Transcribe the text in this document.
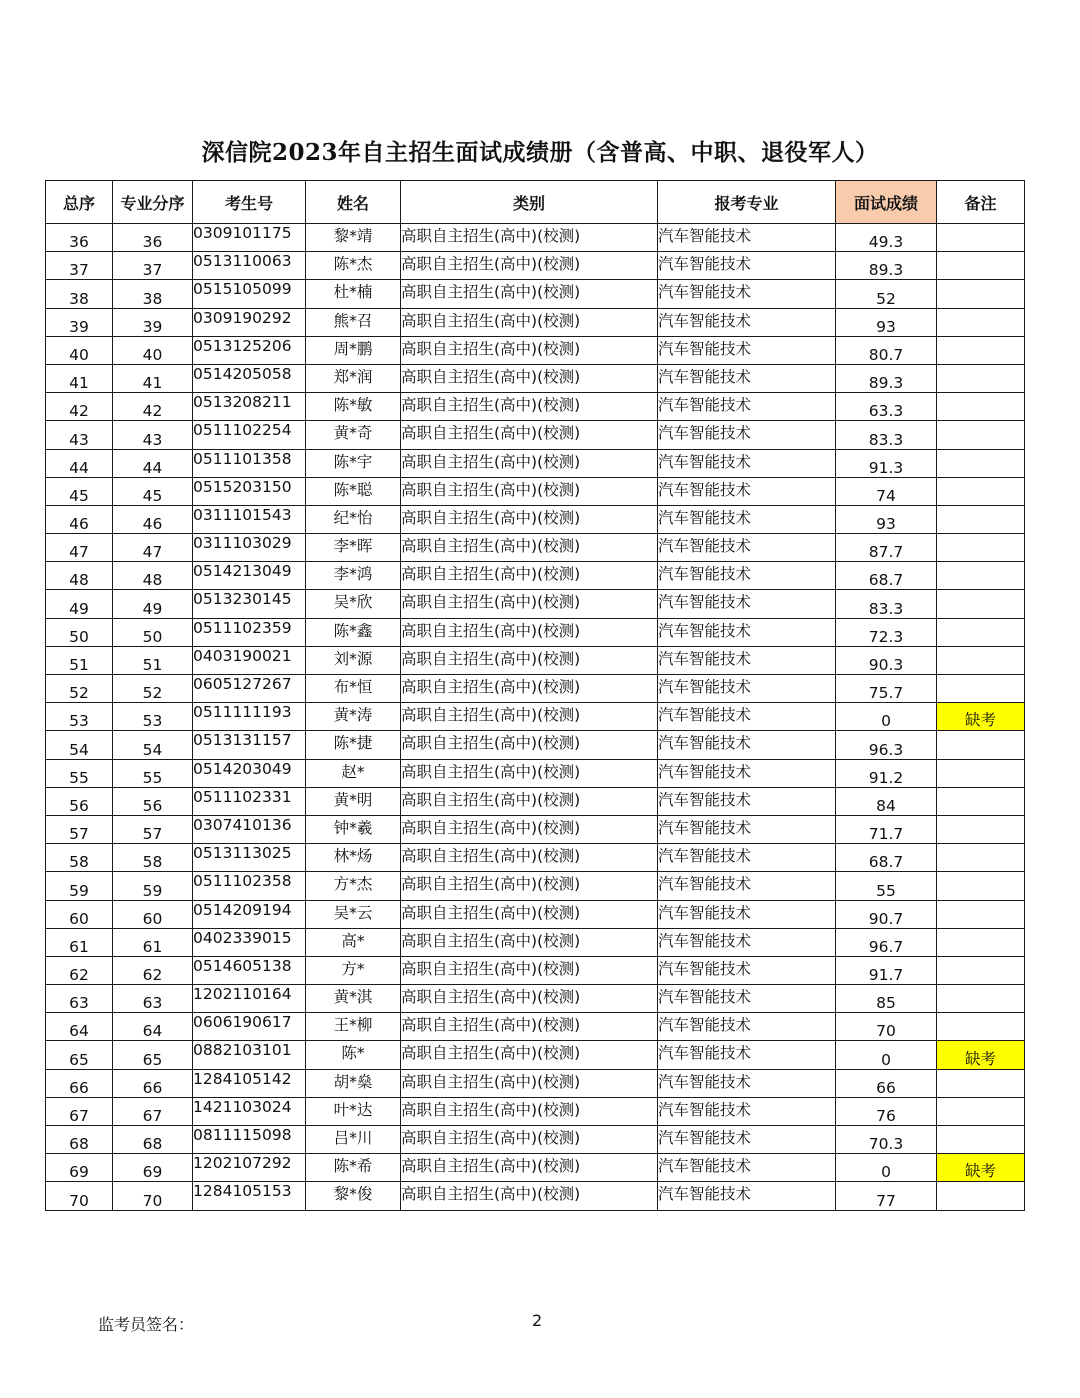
深信院2023年自主招生面试成绩册（含普高、中职、退役军人）
总序	专业分序	考生号	姓名	类别	报考专业	面试成绩	备注
36	36	0309101175	黎*靖	高职自主招生(高中)(校测)	汽车智能技术	49.3	
37	37	0513110063	陈*杰	高职自主招生(高中)(校测)	汽车智能技术	89.3	
38	38	0515105099	杜*楠	高职自主招生(高中)(校测)	汽车智能技术	52	
39	39	0309190292	熊*召	高职自主招生(高中)(校测)	汽车智能技术	93	
40	40	0513125206	周*鹏	高职自主招生(高中)(校测)	汽车智能技术	80.7	
41	41	0514205058	郑*润	高职自主招生(高中)(校测)	汽车智能技术	89.3	
42	42	0513208211	陈*敏	高职自主招生(高中)(校测)	汽车智能技术	63.3	
43	43	0511102254	黄*奇	高职自主招生(高中)(校测)	汽车智能技术	83.3	
44	44	0511101358	陈*宇	高职自主招生(高中)(校测)	汽车智能技术	91.3	
45	45	0515203150	陈*聪	高职自主招生(高中)(校测)	汽车智能技术	74	
46	46	0311101543	纪*怡	高职自主招生(高中)(校测)	汽车智能技术	93	
47	47	0311103029	李*晖	高职自主招生(高中)(校测)	汽车智能技术	87.7	
48	48	0514213049	李*鸿	高职自主招生(高中)(校测)	汽车智能技术	68.7	
49	49	0513230145	吴*欣	高职自主招生(高中)(校测)	汽车智能技术	83.3	
50	50	0511102359	陈*鑫	高职自主招生(高中)(校测)	汽车智能技术	72.3	
51	51	0403190021	刘*源	高职自主招生(高中)(校测)	汽车智能技术	90.3	
52	52	0605127267	布*恒	高职自主招生(高中)(校测)	汽车智能技术	75.7	
53	53	0511111193	黄*涛	高职自主招生(高中)(校测)	汽车智能技术	0	缺考
54	54	0513131157	陈*捷	高职自主招生(高中)(校测)	汽车智能技术	96.3	
55	55	0514203049	赵*	高职自主招生(高中)(校测)	汽车智能技术	91.2	
56	56	0511102331	黄*明	高职自主招生(高中)(校测)	汽车智能技术	84	
57	57	0307410136	钟*羲	高职自主招生(高中)(校测)	汽车智能技术	71.7	
58	58	0513113025	林*炀	高职自主招生(高中)(校测)	汽车智能技术	68.7	
59	59	0511102358	方*杰	高职自主招生(高中)(校测)	汽车智能技术	55	
60	60	0514209194	吴*云	高职自主招生(高中)(校测)	汽车智能技术	90.7	
61	61	0402339015	高*	高职自主招生(高中)(校测)	汽车智能技术	96.7	
62	62	0514605138	方*	高职自主招生(高中)(校测)	汽车智能技术	91.7	
63	63	1202110164	黄*淇	高职自主招生(高中)(校测)	汽车智能技术	85	
64	64	0606190617	王*柳	高职自主招生(高中)(校测)	汽车智能技术	70	
65	65	0882103101	陈*	高职自主招生(高中)(校测)	汽车智能技术	0	缺考
66	66	1284105142	胡*燊	高职自主招生(高中)(校测)	汽车智能技术	66	
67	67	1421103024	叶*达	高职自主招生(高中)(校测)	汽车智能技术	76	
68	68	0811115098	吕*川	高职自主招生(高中)(校测)	汽车智能技术	70.3	
69	69	1202107292	陈*希	高职自主招生(高中)(校测)	汽车智能技术	0	缺考
70	70	1284105153	黎*俊	高职自主招生(高中)(校测)	汽车智能技术	77	
监考员签名：	2
